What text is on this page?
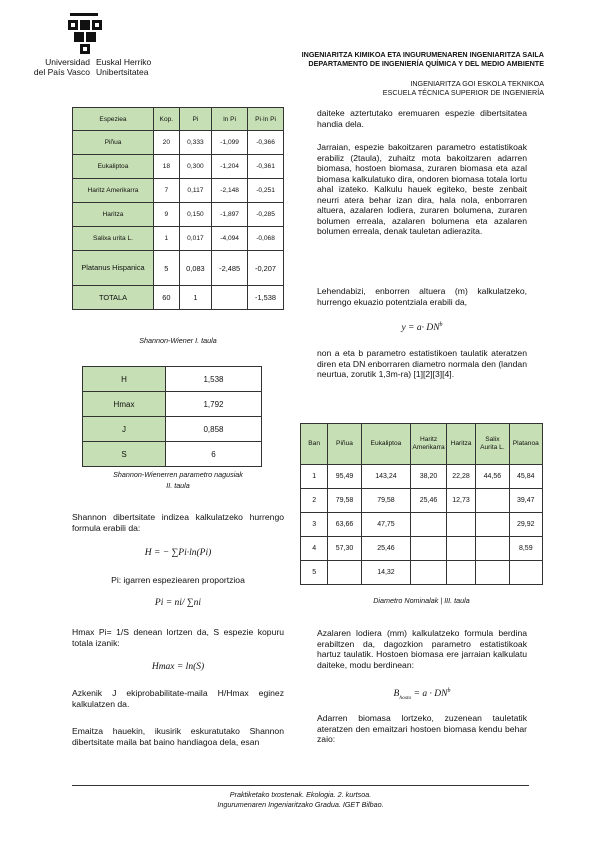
Universidad
del País Vasco
Euskal Herriko
Unibertsitatea
INGENIARITZA KIMIKOA ETA INGURUMENAREN INGENIARITZA SAILA
DEPARTAMENTO DE INGENIERÍA QUÍMICA Y DEL MEDIO AMBIENTE
INGENIARITZA GOI ESKOLA TEKNIKOA
ESCUELA TÉCNICA SUPERIOR DE INGENIERÍA
Espeziea	Kop.	Pi	ln Pi	Pi·ln Pi
Piñua	20	0,333	-1,099	-0,366
Eukaliptoa	18	0,300	-1,204	-0,361
Haritz Amerikarra	7	0,117	-2,148	-0,251
Haritza	9	0,150	-1,897	-0,285
Salixa urita L.	1	0,017	-4,094	-0,068
Platanus Hispanica	5	0,083	-2,485	-0,207
TOTALA	60	1		-1,538
Shannon-Wiener I. taula
H	1,538
Hmax	1,792
J	0,858
S	6
Shannon-Wienerren parametro nagusiak
II. taula
Shannon dibertsitate indizea kalkulatzeko hurrengo formula erabili da:
H = − ∑Pi·ln(Pi)
Pi: igarren espeziearen proportzioa
Pi = ni/ ∑ni
Hmax Pi= 1/S denean lortzen da, S espezie kopuru totala izanik:
Hmax = ln(S)
Azkenik J ekiprobabilitate-maila H/Hmax eginez kalkulatzen da.
Emaitza hauekin, ikusirik eskuratutako Shannon dibertsitate maila bat baino handiagoa dela, esan
daiteke aztertutako eremuaren espezie dibertsitatea handia dela.
Jarraian, espezie bakoitzaren parametro estatistikoak erabiliz (2taula), zuhaitz mota bakoitzaren adarren biomasa, hostoen biomasa, zuraren biomasa eta azal biomasa kalkulatuko dira, ondoren biomasa totala lortu ahal izateko. Kalkulu hauek egiteko, beste zenbait neurri atera behar izan dira, hala nola, enborraren altuera, azalaren lodiera, zuraren bolumena, zuraren bolumen erreala, azalaren bolumena eta azalaren bolumen erreala, denak tauletan adierazita.
Lehendabizi, enborren altuera (m) kalkulatzeko, hurrengo ekuazio potentziala erabili da,
$y = a\cdot DN^b$
non a eta b parametro estatistikoen taulatik ateratzen diren eta DN enborraren diametro normala den (landan neurtua, zorutik 1,3m-ra) [1][2][3][4].
Ban	Piñua	Eukaliptoa	Haritz Amerikarra	Haritza	Salix Aurita L.	Platanoa
1	95,49	143,24	38,20	22,28	44,56	45,84
2	79,58	79,58	25,46	12,73		39,47
3	63,66	47,75				29,92
4	57,30	25,46				8,59
5		14,32				
Diametro Nominalak | III. taula
Azalaren lodiera (mm) kalkulatzeko formula berdina erabiltzen da, dagozkion parametro estatistikoak hartuz taulatik. Hostoen biomasa ere jarraian kalkulatu daiteke, modu berdinean:
$B_{hosto} = a \cdot DN^b$
Adarren biomasa lortzeko, zuzenean tauletatik ateratzen den emaitzari hostoen biomasa kendu behar zaio:
Praktiketako txostenak. Ekologia. 2. kurtsoa.
Ingurumenaren Ingeniaritzako Gradua. IGET Bilbao.
